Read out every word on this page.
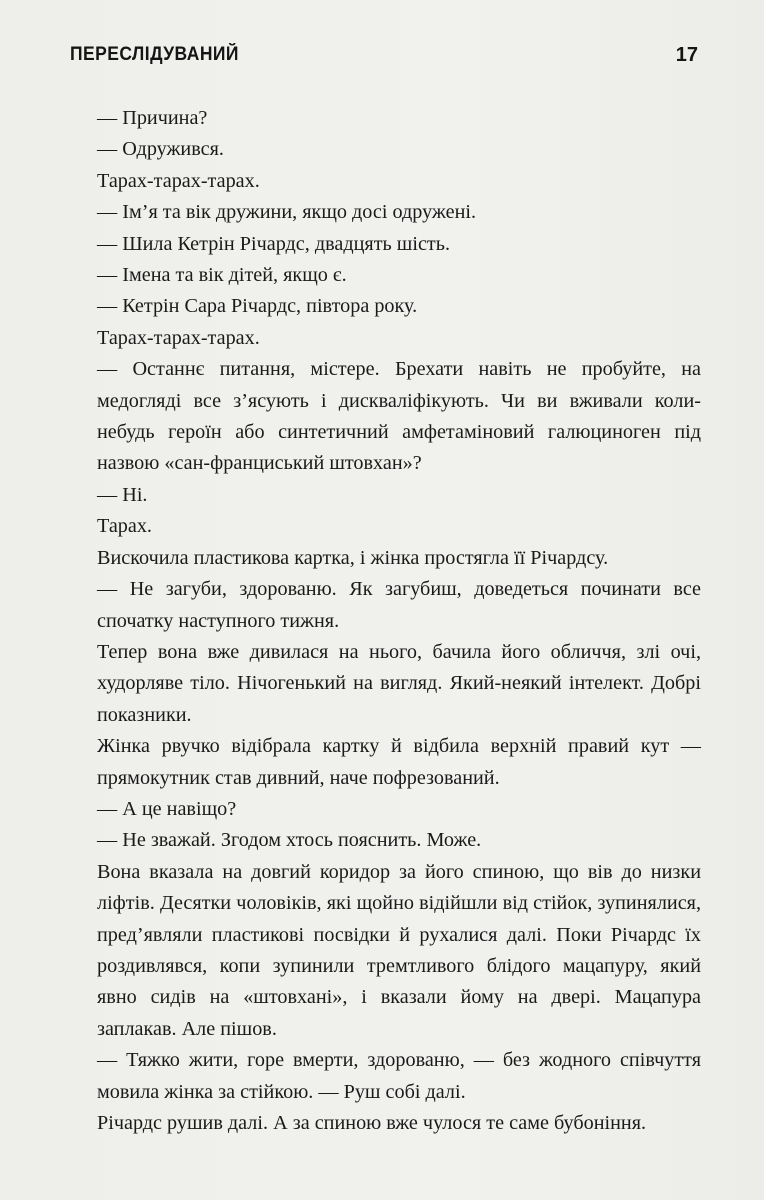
ПЕРЕСЛІДУВАНИЙ	17

— Причина?

— Одружився.

Тарах-тарах-тарах.

— Ім’я та вік дружини, якщо досі одружені.

— Шила Кетрін Річардс, двадцять шість.

— Імена та вік дітей, якщо є.

— Кетрін Сара Річардс, півтора року.

Тарах-тарах-тарах.

— Останнє питання, містере. Брехати навіть не пробуйте, на медогляді все з’ясують і дискваліфікують. Чи ви вживали коли-небудь героїн або синтетичний амфетаміновий галюциноген під назвою «сан-франциський штовхан»?

— Ні.

Тарах.

Вискочила пластикова картка, і жінка простягла її Річардсу.

— Не загуби, здорованю. Як загубиш, доведеться починати все спочатку наступного тижня.

Тепер вона вже дивилася на нього, бачила його обличчя, злі очі, худорляве тіло. Нічогенький на вигляд. Який-неякий інтелект. Добрі показники.

Жінка рвучко відібрала картку й відбила верхній правий кут — прямокутник став дивний, наче пофрезований.

— А це навіщо?

— Не зважай. Згодом хтось пояснить. Може.

Вона вказала на довгий коридор за його спиною, що вів до низки ліфтів. Десятки чоловіків, які щойно відійшли від стійок, зупинялися, пред’являли пластикові посвідки й рухалися далі. Поки Річардс їх роздивлявся, копи зупинили тремтливого блідого мацапуру, який явно сидів на «штовхані», і вказали йому на двері. Мацапура заплакав. Але пішов.

— Тяжко жити, горе вмерти, здорованю, — без жодного співчуття мовила жінка за стійкою. — Руш собі далі.

Річардс рушив далі. А за спиною вже чулося те саме бубоніння.
